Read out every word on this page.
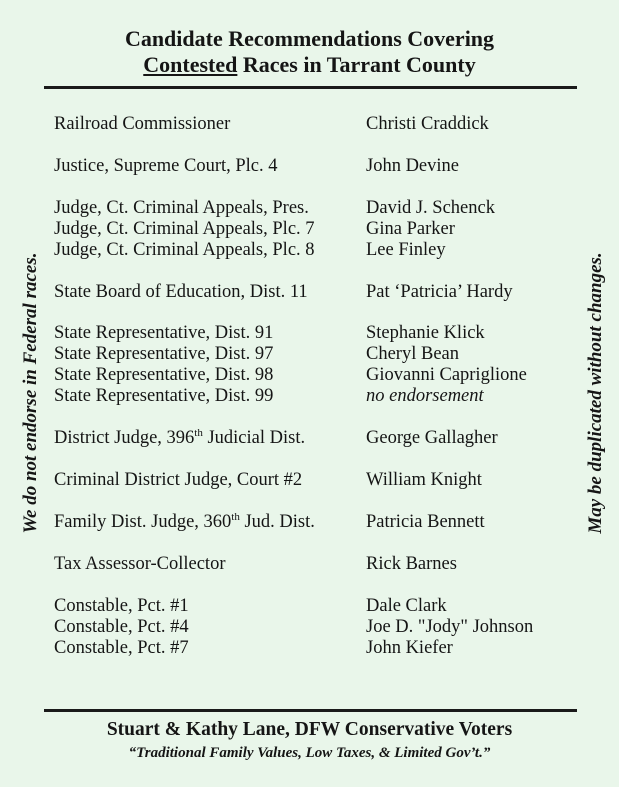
Candidate Recommendations Covering
Contested Races in Tarrant County
We do not endorse in Federal races.	May be duplicated without changes.
Railroad Commissioner	Christi Craddick
Justice, Supreme Court, Plc. 4	John Devine
Judge, Ct. Criminal Appeals, Pres.	David J. Schenck
Judge, Ct. Criminal Appeals, Plc. 7	Gina Parker
Judge, Ct. Criminal Appeals, Plc. 8	Lee Finley
State Board of Education, Dist. 11	Pat ‘Patricia’ Hardy
State Representative, Dist. 91	Stephanie Klick
State Representative, Dist. 97	Cheryl Bean
State Representative, Dist. 98	Giovanni Capriglione
State Representative, Dist. 99	no endorsement
District Judge, 396th Judicial Dist.	George Gallagher
Criminal District Judge, Court #2	William Knight
Family Dist. Judge, 360th Jud. Dist.	Patricia Bennett
Tax Assessor-Collector	Rick Barnes
Constable, Pct. #1	Dale Clark
Constable, Pct. #4	Joe D. "Jody" Johnson
Constable, Pct. #7	John Kiefer
Stuart & Kathy Lane, DFW Conservative Voters
“Traditional Family Values, Low Taxes, & Limited Gov’t.”
